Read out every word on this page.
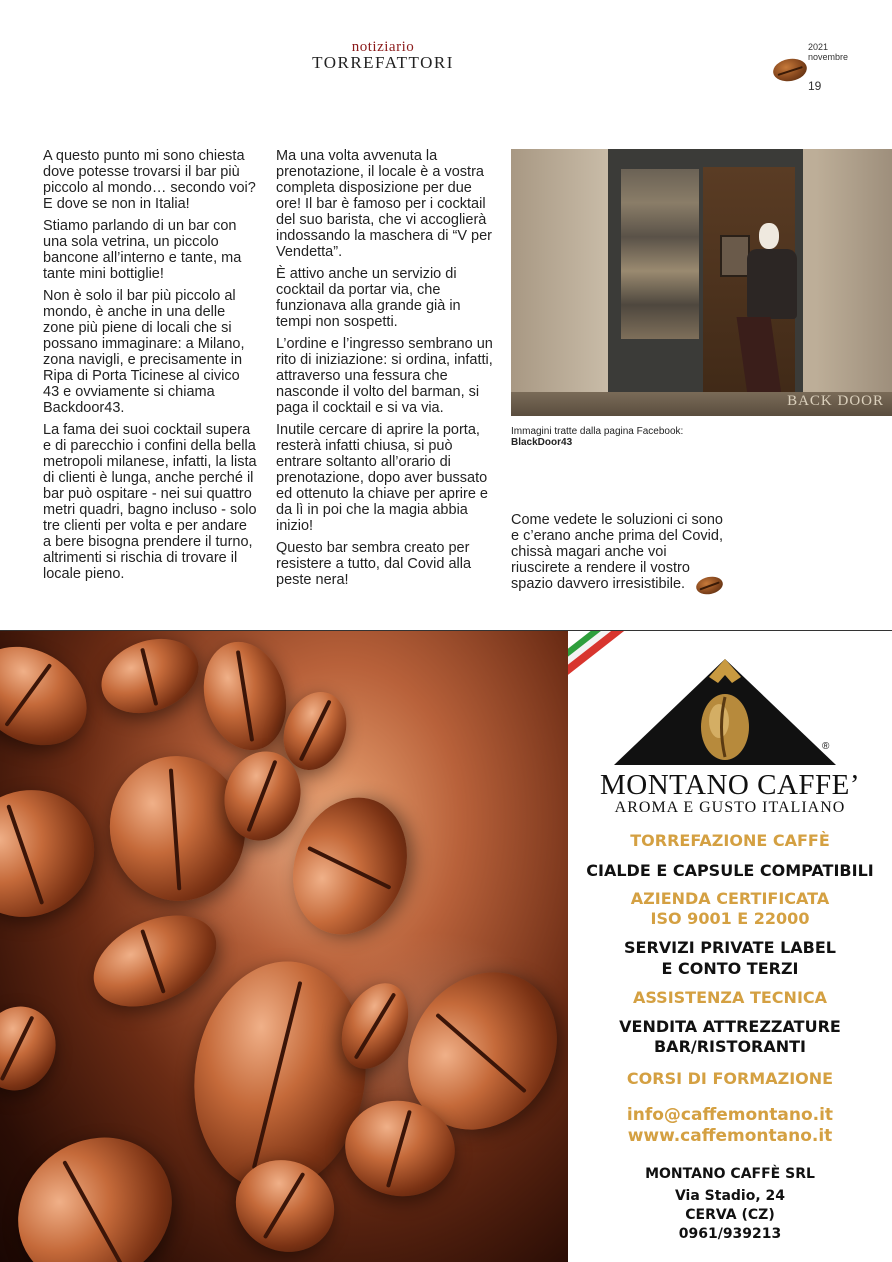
notiziario
TORREFATTORI
2021
novembre
19

A questo punto mi sono chiesta dove potesse trovarsi il bar più piccolo al mondo… secondo voi? E dove se non in Italia!

Stiamo parlando di un bar con una sola vetrina, un piccolo bancone all’interno e tante, ma tante mini bottiglie!

Non è solo il bar più piccolo al mondo, è anche in una delle zone più piene di locali che si possano immaginare: a Milano, zona navigli, e precisamente in Ripa di Porta Ticinese al civico 43 e ovviamente si chiama Backdoor43.

La fama dei suoi cocktail supera e di parecchio i confini della bella metropoli milanese, infatti, la lista di clienti è lunga, anche perché il bar può ospitare - nei sui quattro metri quadri, bagno incluso - solo tre clienti per volta e per andare a bere bisogna prendere il turno, altrimenti si rischia di trovare il locale pieno.

Ma una volta avvenuta la prenotazione, il locale è a vostra completa disposizione per due ore! Il bar è famoso per i cocktail del suo barista, che vi accoglierà indossando la maschera di “V per Vendetta”.

È attivo anche un servizio di cocktail da portar via, che funzionava alla grande già in tempi non sospetti.

L’ordine e l’ingresso sembrano un rito di iniziazione: si ordina, infatti, attraverso una fessura che nasconde il volto del barman, si paga il cocktail e si va via.

Inutile cercare di aprire la porta, resterà infatti chiusa, si può entrare soltanto all’orario di prenotazione, dopo aver bussato ed ottenuto la chiave per aprire e da lì in poi che la magia abbia inizio!

Questo bar sembra creato per resistere a tutto, dal Covid alla peste nera!

BACK DOOR
Immagini tratte dalla pagina Facebook:
BlackDoor43

Come vedete le soluzioni ci sono e c’erano anche prima del Covid, chissà magari anche voi riuscirete a rendere il vostro spazio davvero irresistibile.

®
MONTANO CAFFE’
AROMA E GUSTO ITALIANO
TORREFAZIONE CAFFÈ
CIALDE E CAPSULE COMPATIBILI
AZIENDA CERTIFICATA
ISO 9001 E 22000
SERVIZI PRIVATE LABEL
E CONTO TERZI
ASSISTENZA TECNICA
VENDITA ATTREZZATURE
BAR/RISTORANTI
CORSI DI FORMAZIONE
info@caffemontano.it
www.caffemontano.it
MONTANO CAFFÈ SRL
Via Stadio, 24
CERVA (CZ)
0961/939213
